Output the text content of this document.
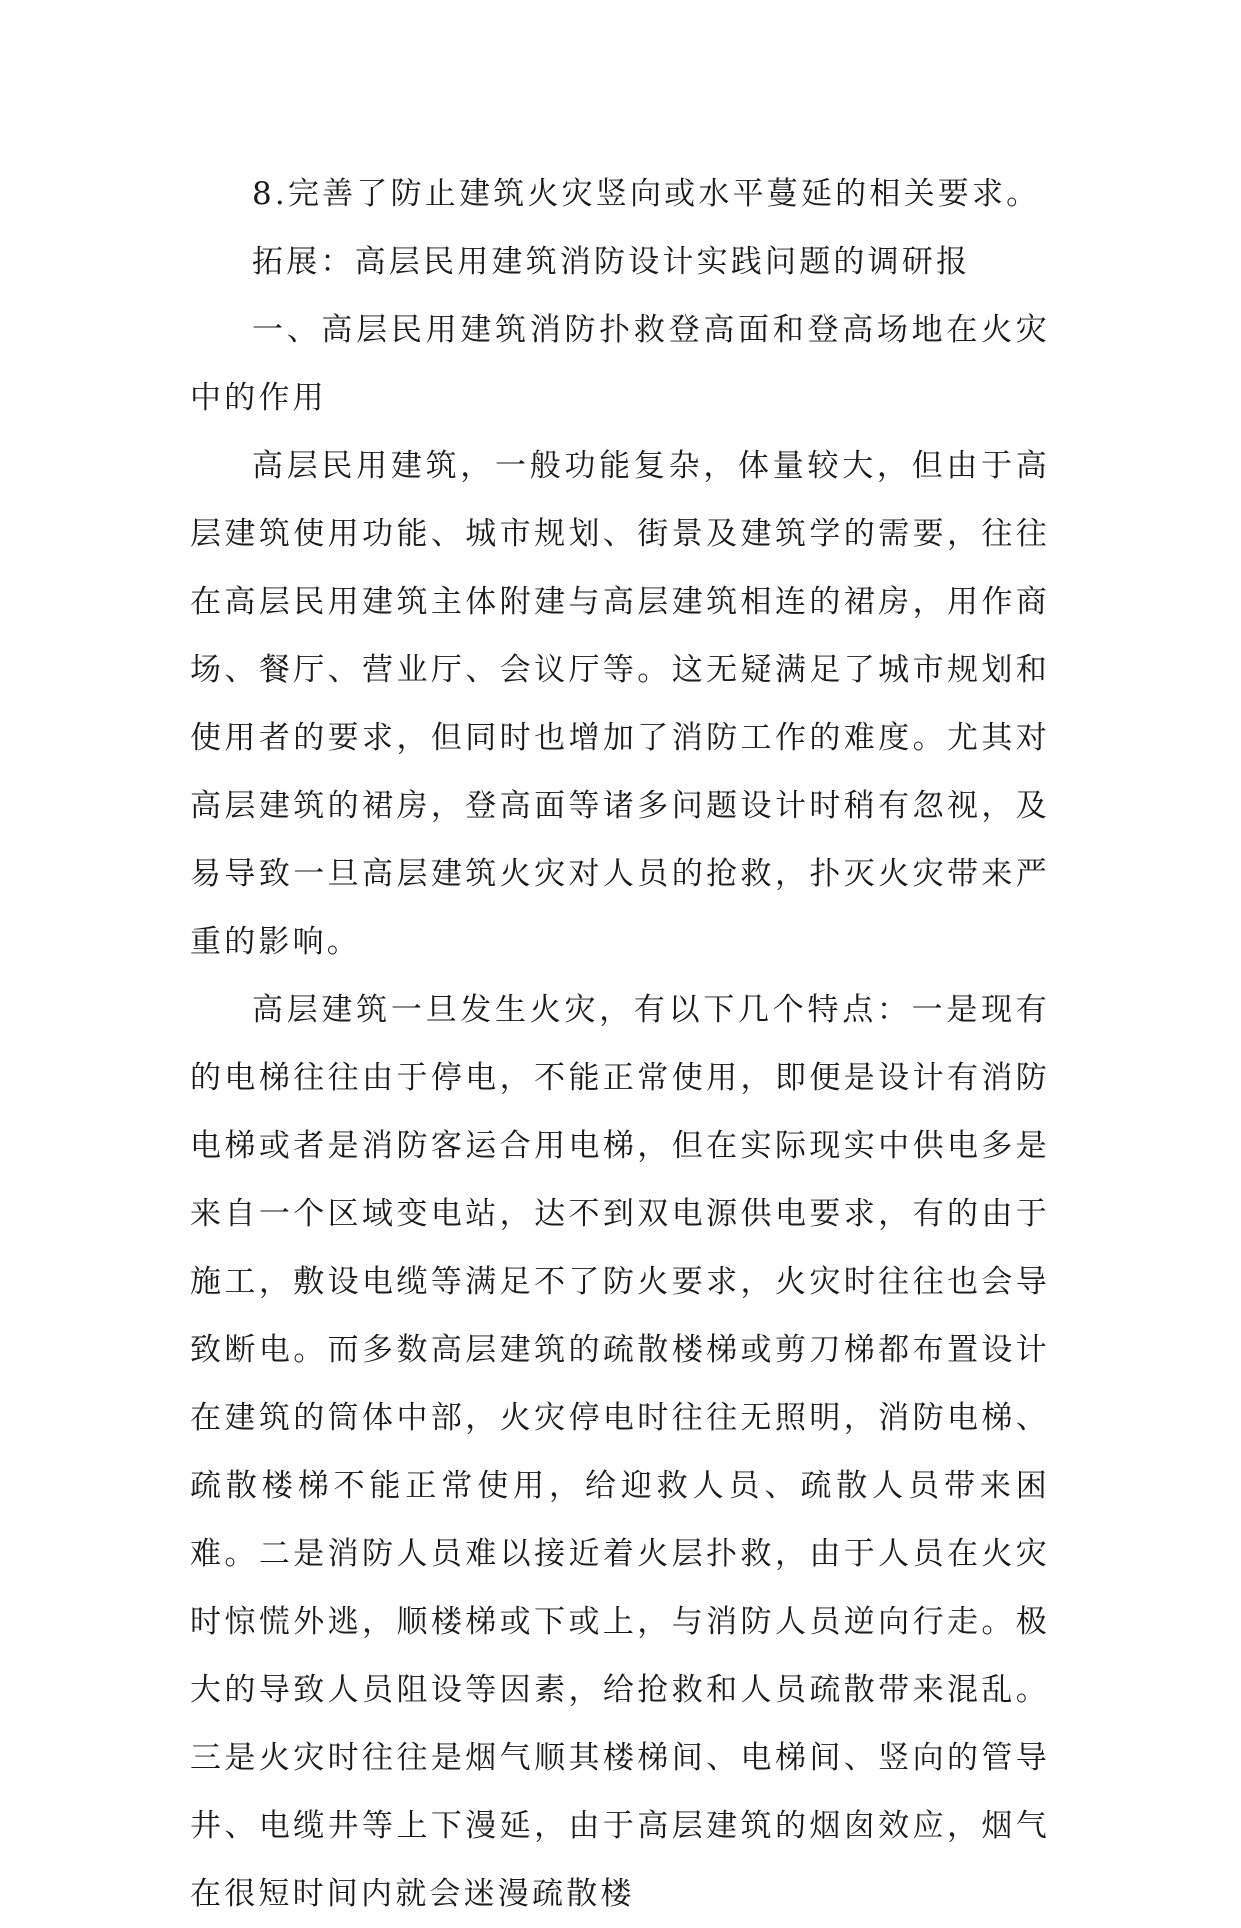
8.完善了防止建筑火灾竖向或水平蔓延的相关要求。

拓展：高层民用建筑消防设计实践问题的调研报

一、高层民用建筑消防扑救登高面和登高场地在火灾中的作用

高层民用建筑，一般功能复杂，体量较大，但由于高层建筑使用功能、城市规划、街景及建筑学的需要，往往在高层民用建筑主体附建与高层建筑相连的裙房，用作商场、餐厅、营业厅、会议厅等。这无疑满足了城市规划和使用者的要求，但同时也增加了消防工作的难度。尤其对高层建筑的裙房，登高面等诸多问题设计时稍有忽视，及易导致一旦高层建筑火灾对人员的抢救，扑灭火灾带来严重的影响。

高层建筑一旦发生火灾，有以下几个特点：一是现有的电梯往往由于停电，不能正常使用，即便是设计有消防电梯或者是消防客运合用电梯，但在实际现实中供电多是来自一个区域变电站，达不到双电源供电要求，有的由于施工，敷设电缆等满足不了防火要求，火灾时往往也会导致断电。而多数高层建筑的疏散楼梯或剪刀梯都布置设计在建筑的筒体中部，火灾停电时往往无照明，消防电梯、疏散楼梯不能正常使用，给迎救人员、疏散人员带来困难。二是消防人员难以接近着火层扑救，由于人员在火灾时惊慌外逃，顺楼梯或下或上，与消防人员逆向行走。极大的导致人员阻设等因素，给抢救和人员疏散带来混乱。三是火灾时往往是烟气顺其楼梯间、电梯间、竖向的管导井、电缆井等上下漫延，由于高层建筑的烟囱效应，烟气在很短时间内就会迷漫疏散楼
